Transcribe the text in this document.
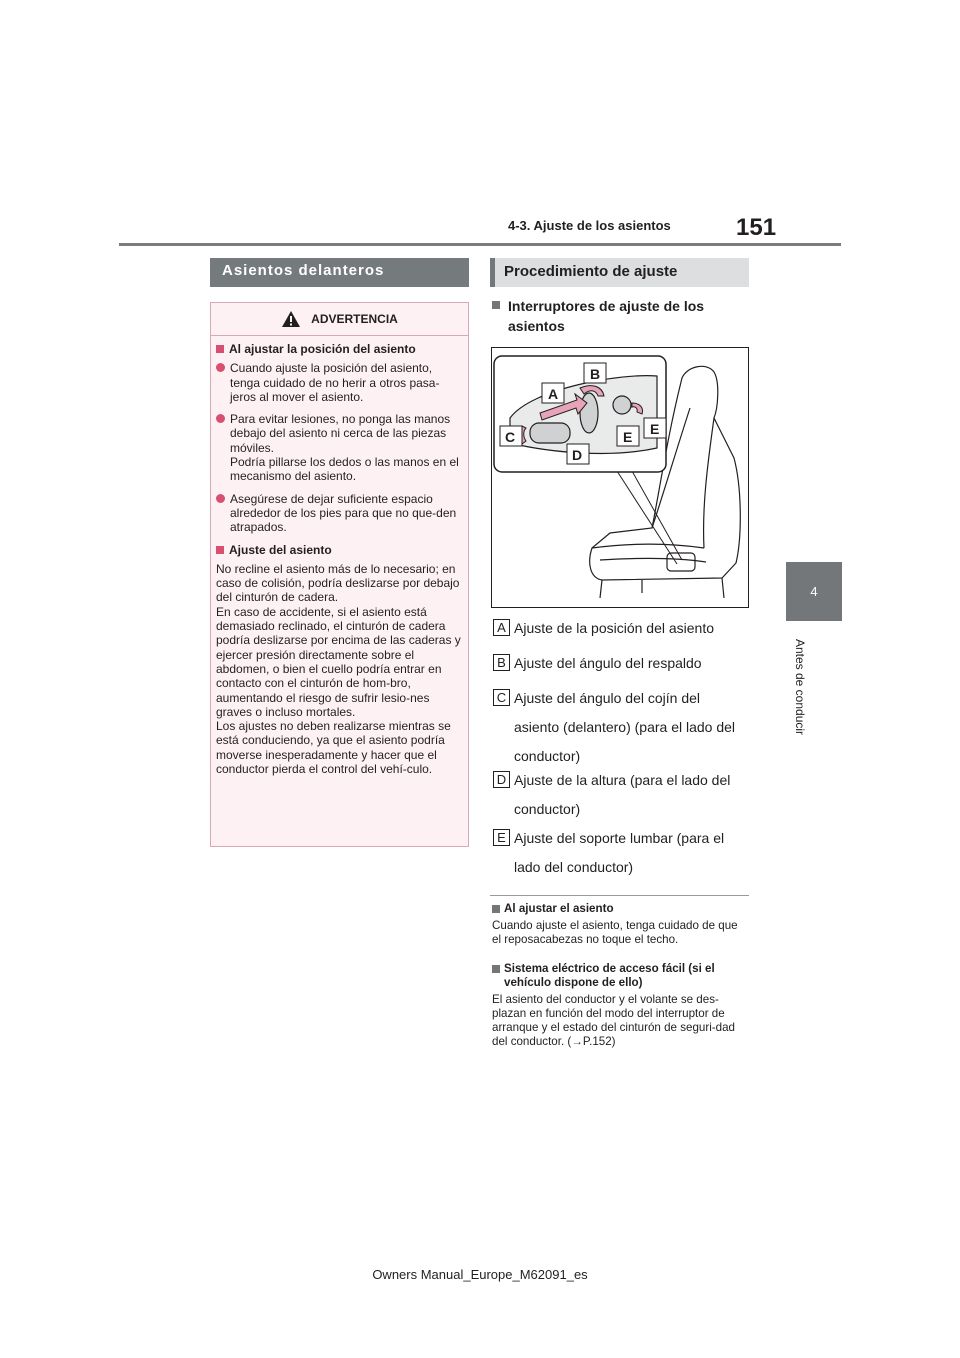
4-3. Ajuste de los asientos	151
4
Antes de conducir
Asientos delanteros
ADVERTENCIA
Al ajustar la posición del asiento
Cuando ajuste la posición del asiento, tenga cuidado de no herir a otros pasa-jeros al mover el asiento.
Para evitar lesiones, no ponga las manos debajo del asiento ni cerca de las piezas móviles.
Podría pillarse los dedos o las manos en el mecanismo del asiento.
Asegúrese de dejar suficiente espacio alrededor de los pies para que no que-den atrapados.
Ajuste del asiento
No recline el asiento más de lo necesario; en caso de colisión, podría deslizarse por debajo del cinturón de cadera.
En caso de accidente, si el asiento está demasiado reclinado, el cinturón de cadera podría deslizarse por encima de las caderas y ejercer presión directamente sobre el abdomen, o bien el cuello podría entrar en contacto con el cinturón de hom-bro, aumentando el riesgo de sufrir lesio-nes graves o incluso mortales.
Los ajustes no deben realizarse mientras se está conduciendo, ya que el asiento podría moverse inesperadamente y hacer que el conductor pierda el control del vehí-culo.
Procedimiento de ajuste
Interruptores de ajuste de los asientos
A
B
C
D
E E
A Ajuste de la posición del asiento
B Ajuste del ángulo del respaldo
C Ajuste del ángulo del cojín del asiento (delantero) (para el lado del conductor)
D Ajuste de la altura (para el lado del conductor)
E Ajuste del soporte lumbar (para el lado del conductor)
Al ajustar el asiento
Cuando ajuste el asiento, tenga cuidado de que el reposacabezas no toque el techo.
Sistema eléctrico de acceso fácil (si el vehículo dispone de ello)
El asiento del conductor y el volante se des-plazan en función del modo del interruptor de arranque y el estado del cinturón de seguri-dad del conductor. (→P.152)
Owners Manual_Europe_M62091_es
